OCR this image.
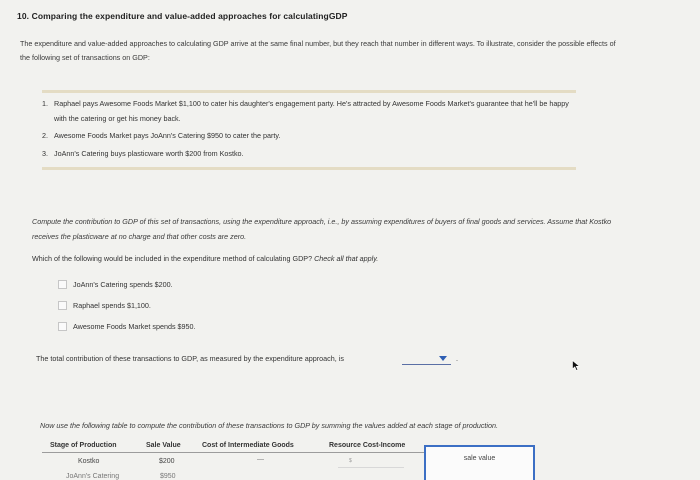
10. Comparing the expenditure and value-added approaches for calculatingGDP
The expenditure and value-added approaches to calculating GDP arrive at the same final number, but they reach that number in different ways. To illustrate, consider the possible effects of the following set of transactions on GDP:
1. Raphael pays Awesome Foods Market $1,100 to cater his daughter's engagement party. He's attracted by Awesome Foods Market's guarantee that he'll be happy with the catering or get his money back.
2. Awesome Foods Market pays JoAnn's Catering $950 to cater the party.
3. JoAnn's Catering buys plasticware worth $200 from Kostko.
Compute the contribution to GDP of this set of transactions, using the expenditure approach, i.e., by assuming expenditures of buyers of final goods and services. Assume that Kostko receives the plasticware at no charge and that other costs are zero.
Which of the following would be included in the expenditure method of calculating GDP? Check all that apply.
JoAnn's Catering spends $200.
Raphael spends $1,100.
Awesome Foods Market spends $950.
The total contribution of these transactions to GDP, as measured by the expenditure approach, is	.
Now use the following table to compute the contribution of these transactions to GDP by summing the values added at each stage of production.
Stage of Production	Sale Value	Cost of Intermediate Goods	Resource Cost-Income
Kostko	$200	—	$	sale value
JoAnn's Catering	$950
